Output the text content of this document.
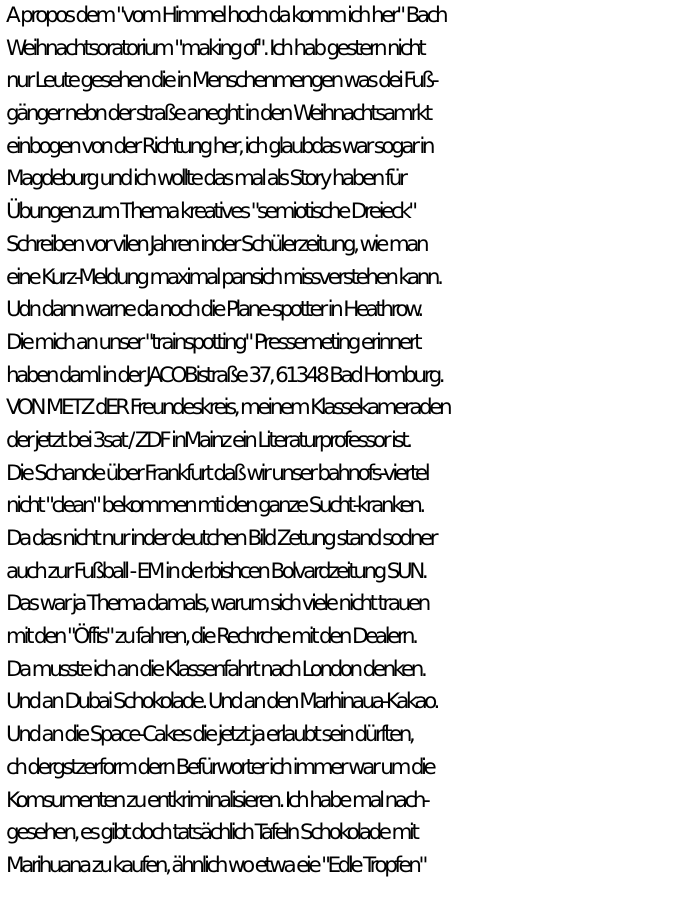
A propos dem "vom Himmel hoch da komm ich her" Bach
Weihnachtsoratorium "making of". Ich hab gestern nicht
nur Leute gesehen die in Menschenmengen was dei Fuß-
gänger nebn der straße aneght in den Weihnachtsamrkt
einbogen von der Richtung her, ich glaubdas war sogar in
Magdeburg und ich wollte das mal als Story haben für
Übungen zum Thema kreatives "semiotische Dreieck"
Schreiben vor vilen Jahren inder Schülerzeitung, wie man
eine Kurz-Meldung maximal pansich missverstehen kann.
Udn dann warne da noch die Plane-spotter in Heathrow.
Die mich an unser "trainspotting" Pressemeting erinnert
haben daml in der JACOBistraße 37, 61348 Bad Homburg.
VON METZ dER Freundeskreis, meinem Klassekameraden
der jetzt bei 3sat / ZDF inMainz ein Literaturprofessor ist.
Die Schande über Frankfurt daß wir unser bahnofs-viertel
nicht "clean" bekommen mti den ganze Sucht-kranken.
Da das nicht nur inder deutchen Bild Zetung stand sodner
auch zur Fußball - EM in de rbishcen Bolvardzeitung SUN.
Das war ja Thema damals, warum sich viele nicht trauen
mit den "Öffis" zu fahren, die Rechrche mit den Dealern.
Da musste ich an die Klassenfahrt nach London denken.
Und an Dubai Schokolade. Und an den Marhinaua-Kakao.
Und an die Space-Cakes die jetzt ja erlaubt sein dürften,
ch dergstzerform dern Befürworter ich immer war um die
Komsumenten zu entkriminalisieren. Ich habe mal nach-
gesehen, es gibt doch tatsächlich Tafeln Schokolade mit
Marihuana zu kaufen, ähnlich wo etwa eie "Edle Tropfen"
